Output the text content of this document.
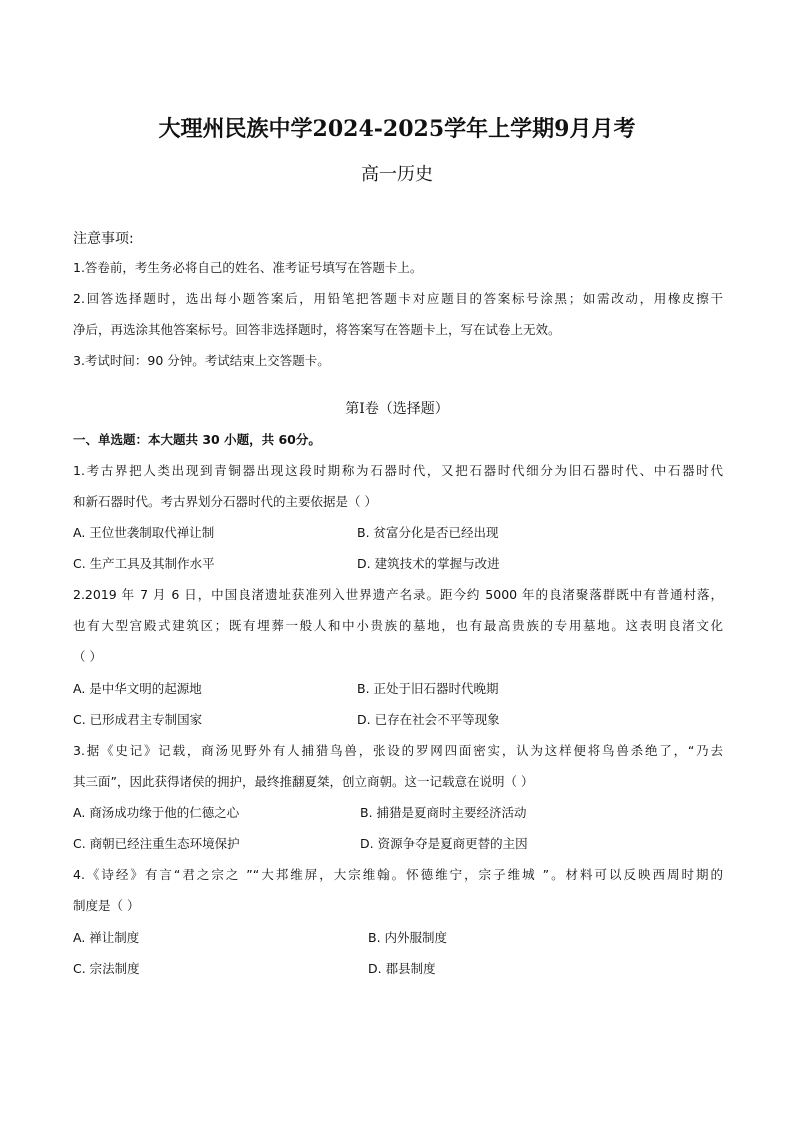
大理州民族中学2024-2025学年上学期9月月考
高一历史
注意事项:
1.答卷前，考生务必将自己的姓名、准考证号填写在答题卡上。
2.回答选择题时，选出每小题答案后，用铅笔把答题卡对应题目的答案标号涂黑；如需改动，用橡皮擦干
净后，再选涂其他答案标号。回答非选择题时，将答案写在答题卡上，写在试卷上无效。
3.考试时间：90 分钟。考试结束上交答题卡。
第Ⅰ卷（选择题）
一、单选题：本大题共 30 小题，共 60分。
1.考古界把人类出现到青铜器出现这段时期称为石器时代，又把石器时代细分为旧石器时代、中石器时代
和新石器时代。考古界划分石器时代的主要依据是（ ）
A. 王位世袭制取代禅让制	B. 贫富分化是否已经出现
C. 生产工具及其制作水平	D. 建筑技术的掌握与改进
2.2019 年 7 月 6 日，中国良渚遗址获准列入世界遗产名录。距今约 5000 年的良渚聚落群既中有普通村落，
也有大型宫殿式建筑区；既有埋葬一般人和中小贵族的墓地，也有最高贵族的专用墓地。这表明良渚文化
（ ）
A. 是中华文明的起源地	B. 正处于旧石器时代晚期
C. 已形成君主专制国家	D. 已存在社会不平等现象
3.据《史记》记载，商汤见野外有人捕猎鸟兽，张设的罗网四面密实，认为这样便将鸟兽杀绝了，“乃去
其三面”，因此获得诸侯的拥护，最终推翻夏桀，创立商朝。这一记载意在说明（ ）
A. 商汤成功缘于他的仁德之心	B. 捕猎是夏商时主要经济活动
C. 商朝已经注重生态环境保护	D. 资源争夺是夏商更替的主因
4.《诗经》有言“君之宗之 ”“大邦维屏，大宗维翰。怀德维宁，宗子维城 ”。材料可以反映西周时期的
制度是（ ）
A. 禅让制度	B. 内外服制度
C. 宗法制度	D. 郡县制度
